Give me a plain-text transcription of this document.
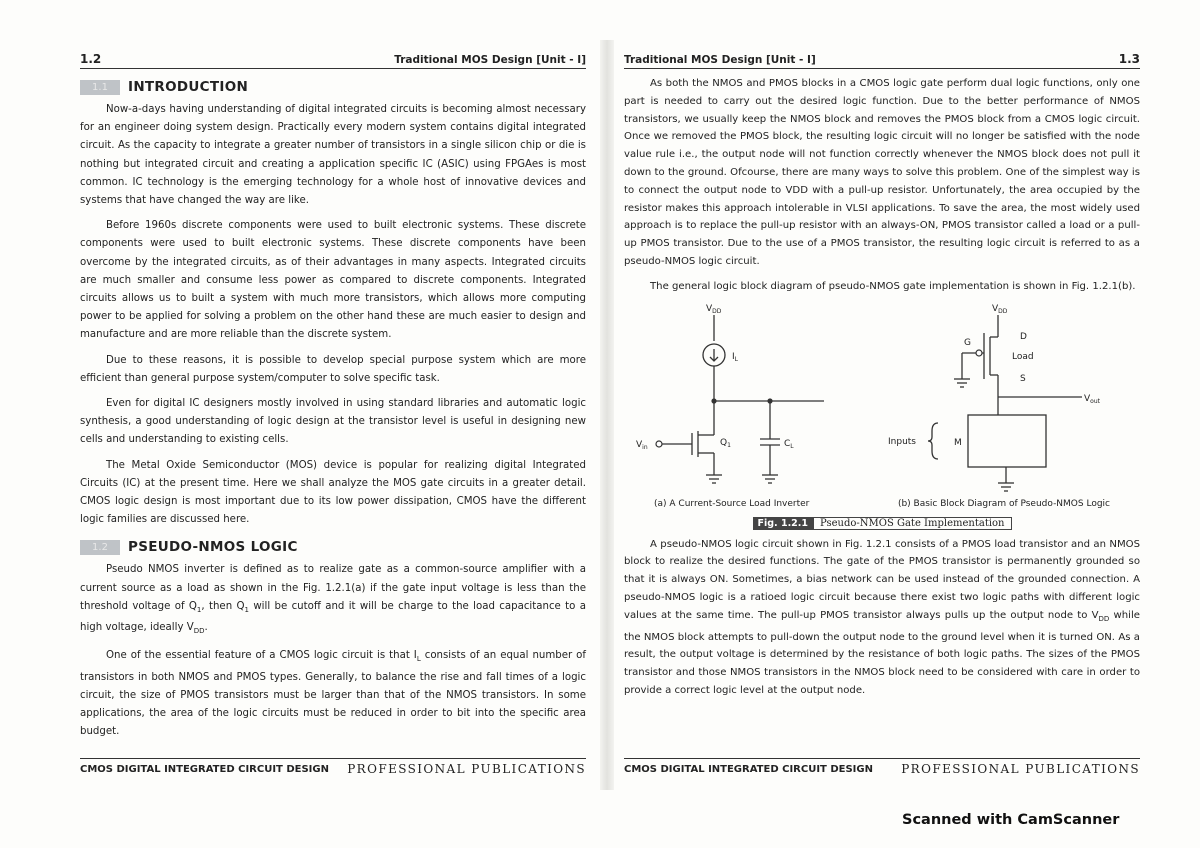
1.2	Traditional MOS Design [Unit - I]
1.1	INTRODUCTION

Now-a-days having understanding of digital integrated circuits is becoming almost necessary for an engineer doing system design. Practically every modern system contains digital integrated circuit. As the capacity to integrate a greater number of transistors in a single silicon chip or die is nothing but integrated circuit and creating a application specific IC (ASIC) using FPGAes is most common. IC technology is the emerging technology for a whole host of innovative devices and systems that have changed the way are like.

Before 1960s discrete components were used to built electronic systems. These discrete components were used to built electronic systems. These discrete components have been overcome by the integrated circuits, as of their advantages in many aspects. Integrated circuits are much smaller and consume less power as compared to discrete components. Integrated circuits allows us to built a system with much more transistors, which allows more computing power to be applied for solving a problem on the other hand these are much easier to design and manufacture and are more reliable than the discrete system.

Due to these reasons, it is possible to develop special purpose system which are more efficient than general purpose system/computer to solve specific task.

Even for digital IC designers mostly involved in using standard libraries and automatic logic synthesis, a good understanding of logic design at the transistor level is useful in designing new cells and understanding to existing cells.

The Metal Oxide Semiconductor (MOS) device is popular for realizing digital Integrated Circuits (IC) at the present time. Here we shall analyze the MOS gate circuits in a greater detail. CMOS logic design is most important due to its low power dissipation, CMOS have the different logic families are discussed here.

1.2	PSEUDO-NMOS LOGIC

Pseudo NMOS inverter is defined as to realize gate as a common-source amplifier with a current source as a load as shown in the Fig. 1.2.1(a) if the gate input voltage is less than the threshold voltage of $Q_1$, then $Q_1$ will be cutoff and it will be charge to the load capacitance to a high voltage, ideally $V_{DD}$.

One of the essential feature of a CMOS logic circuit is that $I_L$ consists of an equal number of transistors in both NMOS and PMOS types. Generally, to balance the rise and fall times of a logic circuit, the size of PMOS transistors must be larger than that of the NMOS transistors. In some applications, the area of the logic circuits must be reduced in order to bit into the specific area budget.

CMOS DIGITAL INTEGRATED CIRCUIT DESIGN PROFESSIONAL PUBLICATIONS
Traditional MOS Design [Unit - I]	1.3

As both the NMOS and PMOS blocks in a CMOS logic gate perform dual logic functions, only one part is needed to carry out the desired logic function. Due to the better performance of NMOS transistors, we usually keep the NMOS block and removes the PMOS block from a CMOS logic circuit. Once we removed the PMOS block, the resulting logic circuit will no longer be satisfied with the node value rule i.e., the output node will not function correctly whenever the NMOS block does not pull it down to the ground. Ofcourse, there are many ways to solve this problem. One of the simplest way is to connect the output node to VDD with a pull-up resistor. Unfortunately, the area occupied by the resistor makes this approach intolerable in VLSI applications. To save the area, the most widely used approach is to replace the pull-up resistor with an always-ON, PMOS transistor called a load or a pull-up PMOS transistor. Due to the use of a PMOS transistor, the resulting logic circuit is referred to as a pseudo-NMOS logic circuit.

The general logic block diagram of pseudo-NMOS gate implementation is shown in Fig. 1.2.1(b).

$V_{DD}$
$I_L$
$V_{in}$	$Q_1$	$C_L$
$V_{DD}$
G
D
Load
S
$V_{out}$
Inputs	M
(a) A Current-Source Load Inverter	(b) Basic Block Diagram of Pseudo-NMOS Logic
Fig. 1.2.1	Pseudo-NMOS Gate Implementation

A pseudo-NMOS logic circuit shown in Fig. 1.2.1 consists of a PMOS load transistor and an NMOS block to realize the desired functions. The gate of the PMOS transistor is permanently grounded so that it is always ON. Sometimes, a bias network can be used instead of the grounded connection. A pseudo-NMOS logic is a ratioed logic circuit because there exist two logic paths with different logic values at the same time. The pull-up PMOS transistor always pulls up the output node to $V_{DD}$ while the NMOS block attempts to pull-down the output node to the ground level when it is turned ON. As a result, the output voltage is determined by the resistance of both logic paths. The sizes of the PMOS transistor and those NMOS transistors in the NMOS block need to be considered with care in order to provide a correct logic level at the output node.

CMOS DIGITAL INTEGRATED CIRCUIT DESIGN PROFESSIONAL PUBLICATIONS
Scanned with CamScanner
